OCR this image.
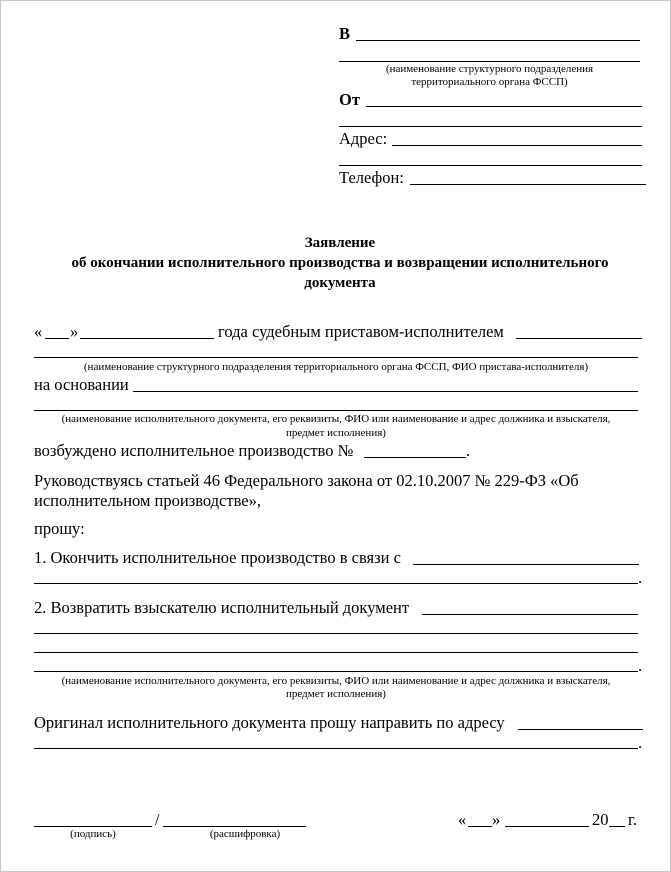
В
(наименование структурного подразделения
территориального органа ФССП)
От
Адрес:
Телефон:
Заявление
об окончании исполнительного производства и возвращении исполнительного
документа
« »	года судебным приставом-исполнителем
(наименование структурного подразделения территориального органа ФССП, ФИО пристава-исполнителя)
на основании
(наименование исполнительного документа, его реквизиты, ФИО или наименование и адрес должника и взыскателя,
предмет исполнения)
возбуждено исполнительное производство №	.
Руководствуясь статьей 46 Федерального закона от 02.10.2007 № 229-ФЗ «Об
исполнительном производстве»,
прошу:
1. Окончить исполнительное производство в связи с
.
2. Возвратить взыскателю исполнительный документ
.
(наименование исполнительного документа, его реквизиты, ФИО или наименование и адрес должника и взыскателя,
предмет исполнения)
Оригинал исполнительного документа прошу направить по адресу
.
/
(подпись)	(расшифровка)
« »	20 г.
